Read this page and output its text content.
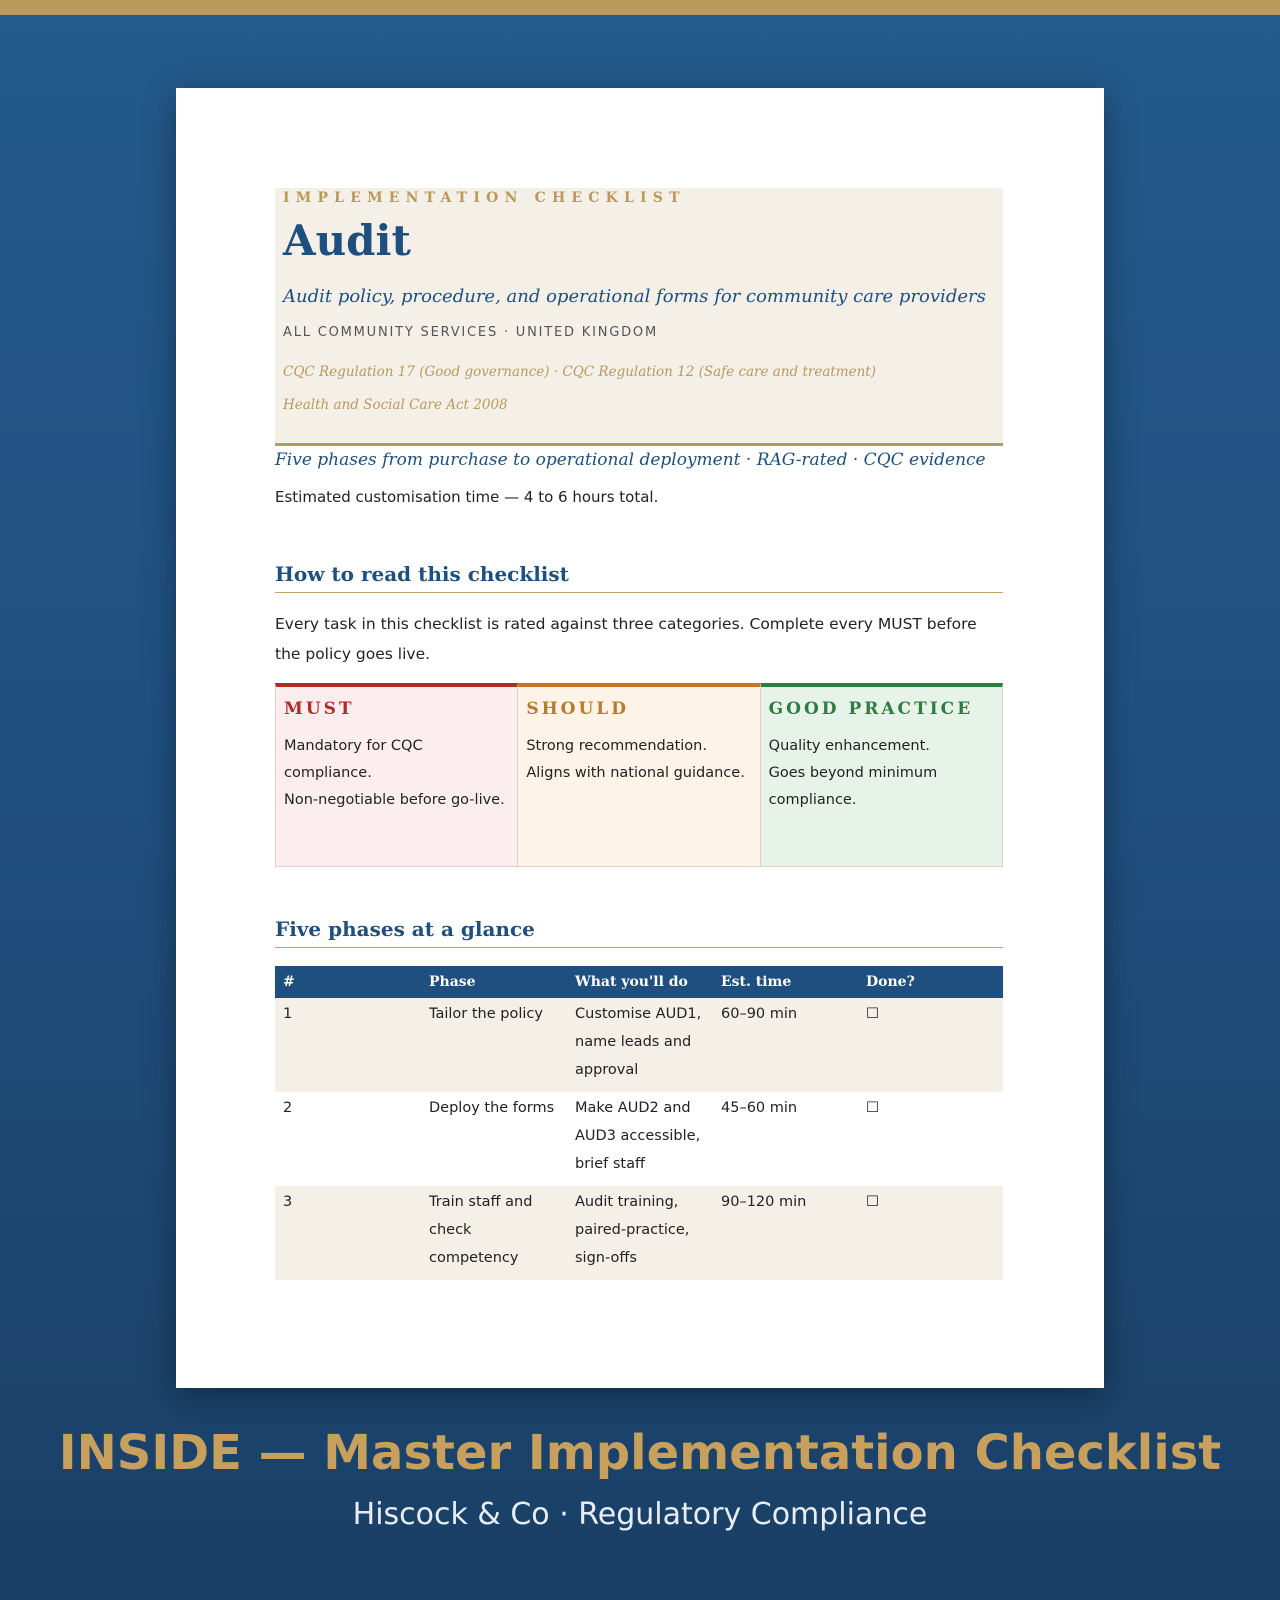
IMPLEMENTATION CHECKLIST
Audit
Audit policy, procedure, and operational forms for community care providers
ALL COMMUNITY SERVICES · UNITED KINGDOM
CQC Regulation 17 (Good governance) · CQC Regulation 12 (Safe care and treatment)
Health and Social Care Act 2008
Five phases from purchase to operational deployment · RAG-rated · CQC evidence
Estimated customisation time — 4 to 6 hours total.
How to read this checklist
Every task in this checklist is rated against three categories. Complete every MUST before the policy goes live.
MUST
Mandatory for CQC compliance.
Non-negotiable before go-live.
SHOULD
Strong recommendation.
Aligns with national guidance.
GOOD PRACTICE
Quality enhancement.
Goes beyond minimum compliance.
Five phases at a glance
#	Phase	What you'll do	Est. time	Done?
1	Tailor the policy	Customise AUD1, name leads and approval	60–90 min	☐
2	Deploy the forms	Make AUD2 and AUD3 accessible, brief staff	45–60 min	☐
3	Train staff and check competency	Audit training, paired-practice, sign-offs	90–120 min	☐
INSIDE — Master Implementation Checklist
Hiscock & Co · Regulatory Compliance
